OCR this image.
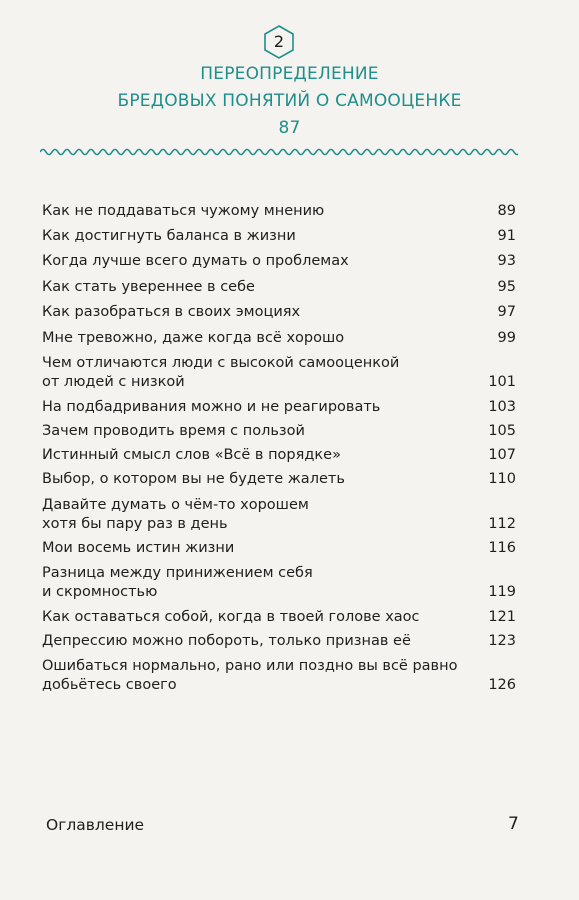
2
ПЕРЕОПРЕДЕЛЕНИЕ
БРЕДОВЫХ ПОНЯТИЙ О САМООЦЕНКЕ
87
Как не поддаваться чужому мнению	89
Как достигнуть баланса в жизни	91
Когда лучше всего думать о проблемах	93
Как стать увереннее в себе	95
Как разобраться в своих эмоциях	97
Мне тревожно, даже когда всё хорошо	99
Чем отличаются люди с высокой самооценкой
от людей с низкой	101
На подбадривания можно и не реагировать	103
Зачем проводить время с пользой	105
Истинный смысл слов «Всё в порядке»	107
Выбор, о котором вы не будете жалеть	110
Давайте думать о чём-то хорошем
хотя бы пару раз в день	112
Мои восемь истин жизни	116
Разница между принижением себя
и скромностью	119
Как оставаться собой, когда в твоей голове хаос	121
Депрессию можно побороть, только признав её	123
Ошибаться нормально, рано или поздно вы всё равно
добьётесь своего	126
Оглавление	7
